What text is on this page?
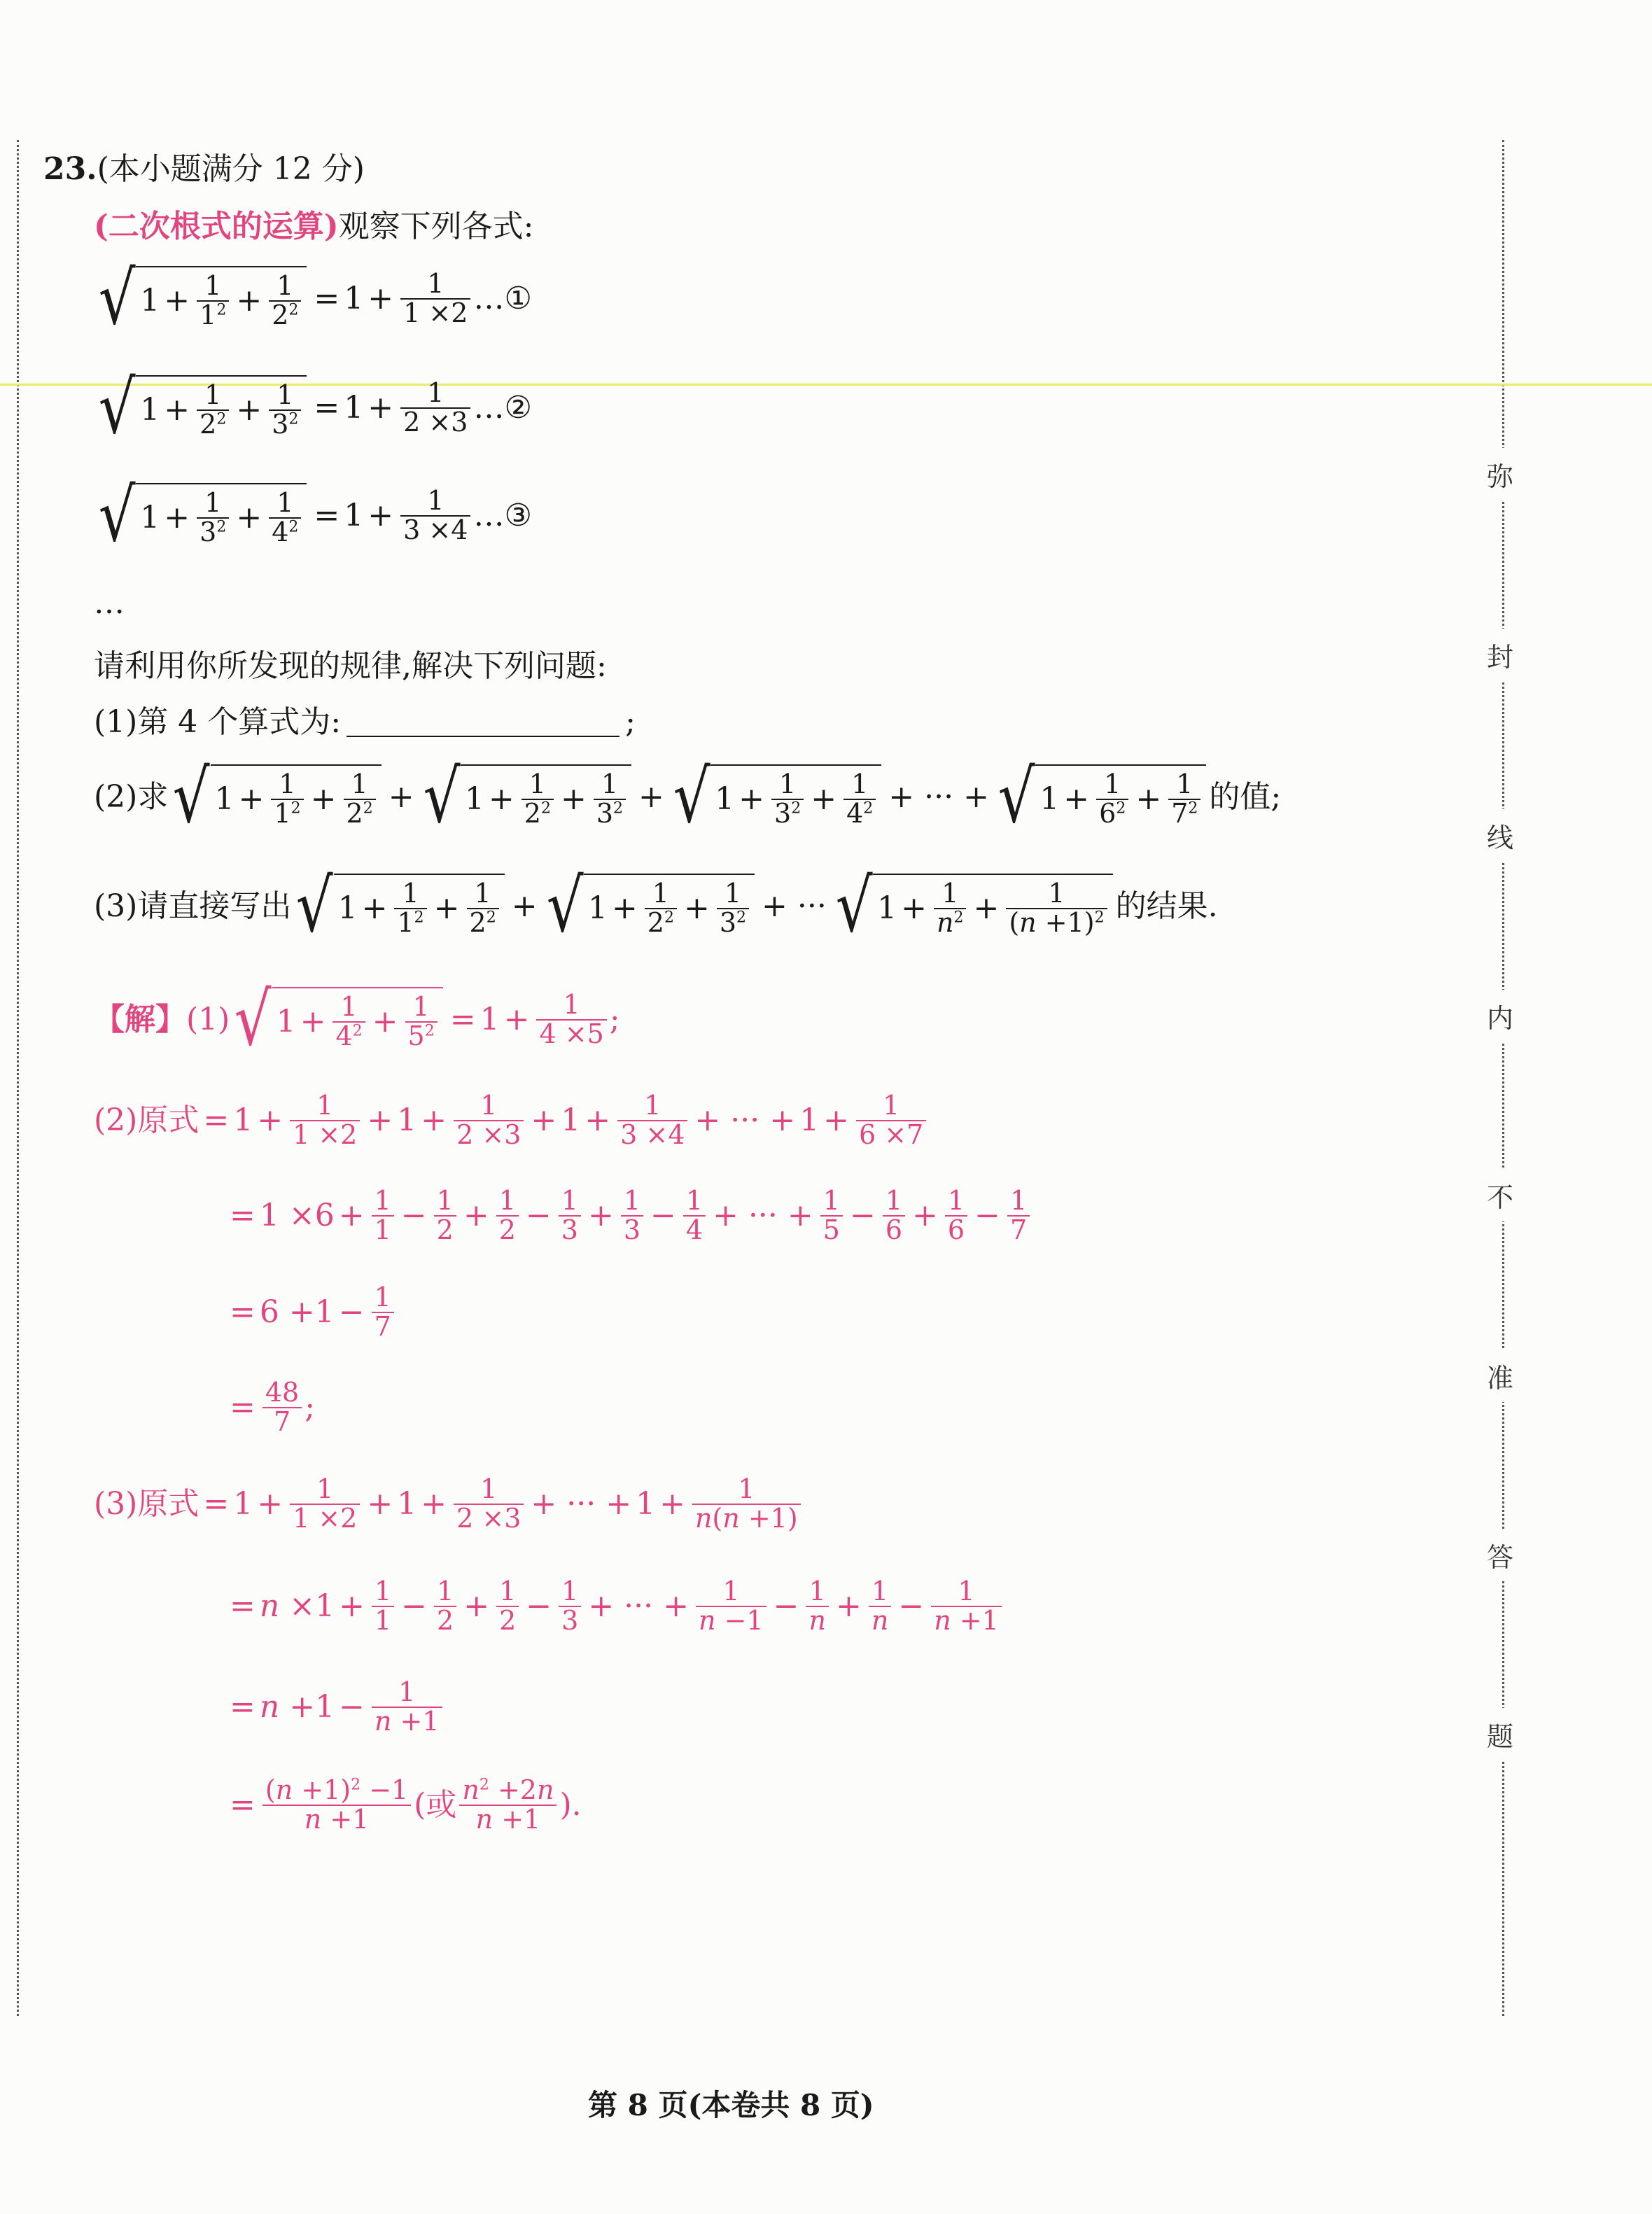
弥
封
线
内
不
准
答
题
23. (本小题满分 12 分)
(二次根式的运算) 观察下列各式:
√ $1 + \frac{1}{1^2} + \frac{1}{2^2} = 1 + \frac{1}{1 \times 2}$ … ①
√ $1 + \frac{1}{2^2} + \frac{1}{3^2} = 1 + \frac{1}{2 \times 3}$ … ②
√ $1 + \frac{1}{3^2} + \frac{1}{4^2} = 1 + \frac{1}{3 \times 4}$ … ③
…
请利用你所发现的规律,解决下列问题:
(1)第 4 个算式为:	;
(2)求 √ $1 + \frac{1}{1^2} + \frac{1}{2^2}$ + √ $1 + \frac{1}{2^2} + \frac{1}{3^2}$ + √ $1 + \frac{1}{3^2} + \frac{1}{4^2}$ + ··· + √ $1 + \frac{1}{6^2} + \frac{1}{7^2}$ 的值;
(3)请直接写出 √ $1 + \frac{1}{1^2} + \frac{1}{2^2}$ + √ $1 + \frac{1}{2^2} + \frac{1}{3^2}$ + ··· √ $1 + \frac{1}{n^2} + \frac{1}{(n +1)^2}$ 的结果.
【解】 (1) √ $1 + \frac{1}{4^2} + \frac{1}{5^2} = 1 + \frac{1}{4 \times 5}$ ;
(2)原式 = $1 + \frac{1}{1 \times 2} + 1 + \frac{1}{2 \times 3} + 1 + \frac{1}{3 \times 4}$ + ··· + $1 + \frac{1}{6 \times 7}$
= $1 \times 6 + \frac{1}{1} - \frac{1}{2} + \frac{1}{2} - \frac{1}{3} + \frac{1}{3} - \frac{1}{4}$ + ··· + $\frac{1}{5} - \frac{1}{6} + \frac{1}{6} - \frac{1}{7}$
= $6 +1 - \frac{1}{7}$
= $\frac{48}{7}$ ;
(3)原式 = $1 + \frac{1}{1 \times 2} + 1 + \frac{1}{2 \times 3}$ + ··· + $1 + \frac{1}{n(n +1)}$
= $n \times 1 + \frac{1}{1} - \frac{1}{2} + \frac{1}{2} - \frac{1}{3}$ + ··· + $\frac{1}{n -1} - \frac{1}{n} + \frac{1}{n} - \frac{1}{n +1}$
= $n +1 - \frac{1}{n +1}$
= $\frac{(n +1)^2 -1}{n +1}$ (或 $\frac{n^2 +2n}{n +1}$ ).
第 8 页(本卷共 8 页)
